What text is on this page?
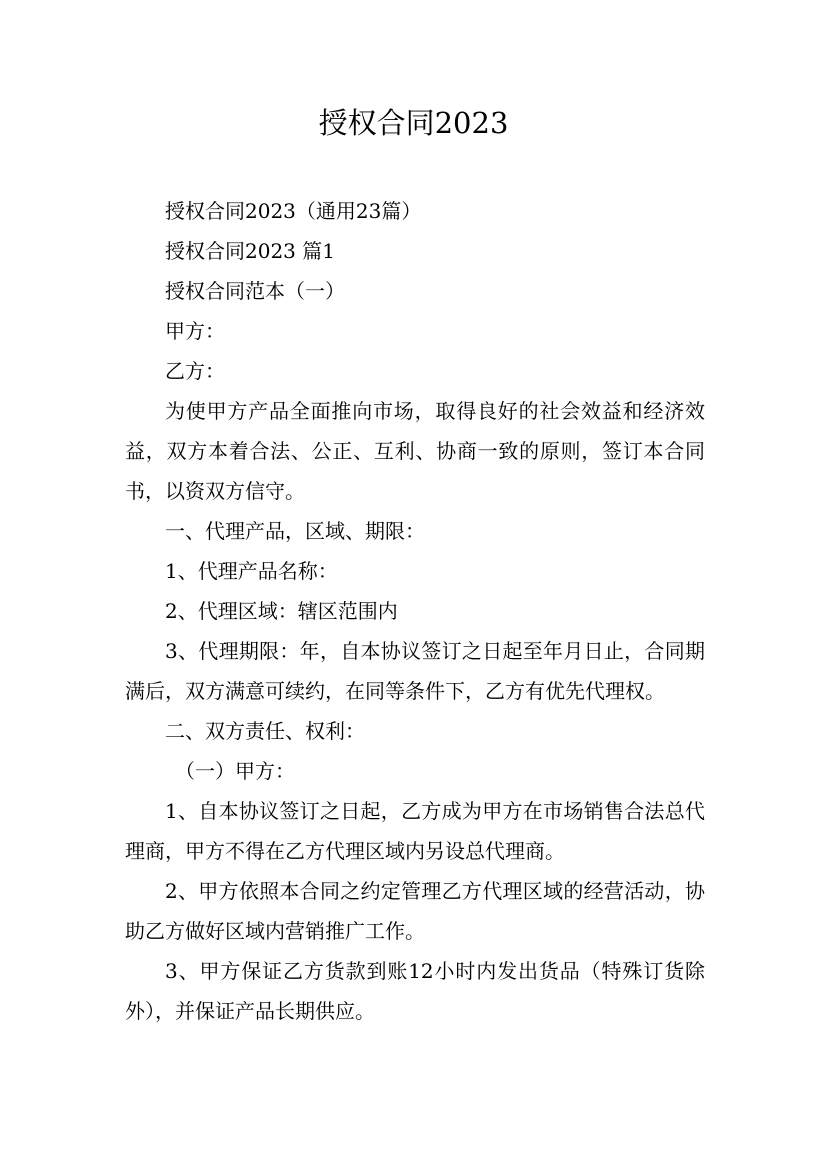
授权合同2023

授权合同2023（通用23篇）

授权合同2023 篇1

授权合同范本（一）

甲方：

乙方：

为使甲方产品全面推向市场，取得良好的社会效益和经济效益，双方本着合法、公正、互利、协商一致的原则，签订本合同书，以资双方信守。

一、代理产品，区域、期限：

1、代理产品名称：

2、代理区域：辖区范围内

3、代理期限：年，自本协议签订之日起至年月日止，合同期满后，双方满意可续约，在同等条件下，乙方有优先代理权。

二、双方责任、权利：

（一）甲方：

1、自本协议签订之日起，乙方成为甲方在市场销售合法总代理商，甲方不得在乙方代理区域内另设总代理商。

2、甲方依照本合同之约定管理乙方代理区域的经营活动，协助乙方做好区域内营销推广工作。

3、甲方保证乙方货款到账12小时内发出货品（特殊订货除外），并保证产品长期供应。
